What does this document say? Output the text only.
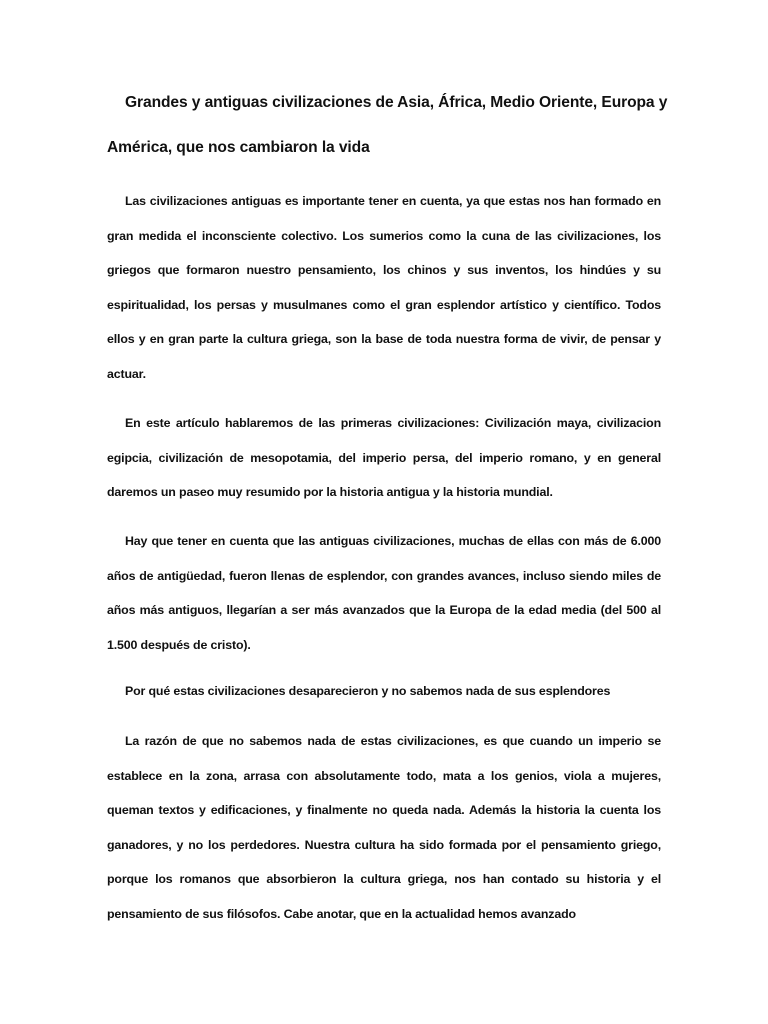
Grandes y antiguas civilizaciones de Asia, África, Medio Oriente, Europa y
América, que nos cambiaron la vida

Las civilizaciones antiguas es importante tener en cuenta, ya que estas nos han formado en gran medida el inconsciente colectivo. Los sumerios como la cuna de las civilizaciones, los griegos que formaron nuestro pensamiento, los chinos y sus inventos, los hindúes y su espiritualidad, los persas y musulmanes como el gran esplendor artístico y científico. Todos ellos y en gran parte la cultura griega, son la base de toda nuestra forma de vivir, de pensar y actuar.

En este artículo hablaremos de las primeras civilizaciones: Civilización maya, civilizacion egipcia, civilización de mesopotamia, del imperio persa, del imperio romano, y en general daremos un paseo muy resumido por la historia antigua y la historia mundial.

Hay que tener en cuenta que las antiguas civilizaciones, muchas de ellas con más de 6.000 años de antigüedad, fueron llenas de esplendor, con grandes avances, incluso siendo miles de años más antiguos, llegarían a ser más avanzados que la Europa de la edad media (del 500 al 1.500 después de cristo).

Por qué estas civilizaciones desaparecieron y no sabemos nada de sus esplendores

La razón de que no sabemos nada de estas civilizaciones, es que cuando un imperio se establece en la zona, arrasa con absolutamente todo, mata a los genios, viola a mujeres, queman textos y edificaciones, y finalmente no queda nada. Además la historia la cuenta los ganadores, y no los perdedores. Nuestra cultura ha sido formada por el pensamiento griego, porque los romanos que absorbieron la cultura griega, nos han contado su historia y el pensamiento de sus filósofos. Cabe anotar, que en la actualidad hemos avanzado
